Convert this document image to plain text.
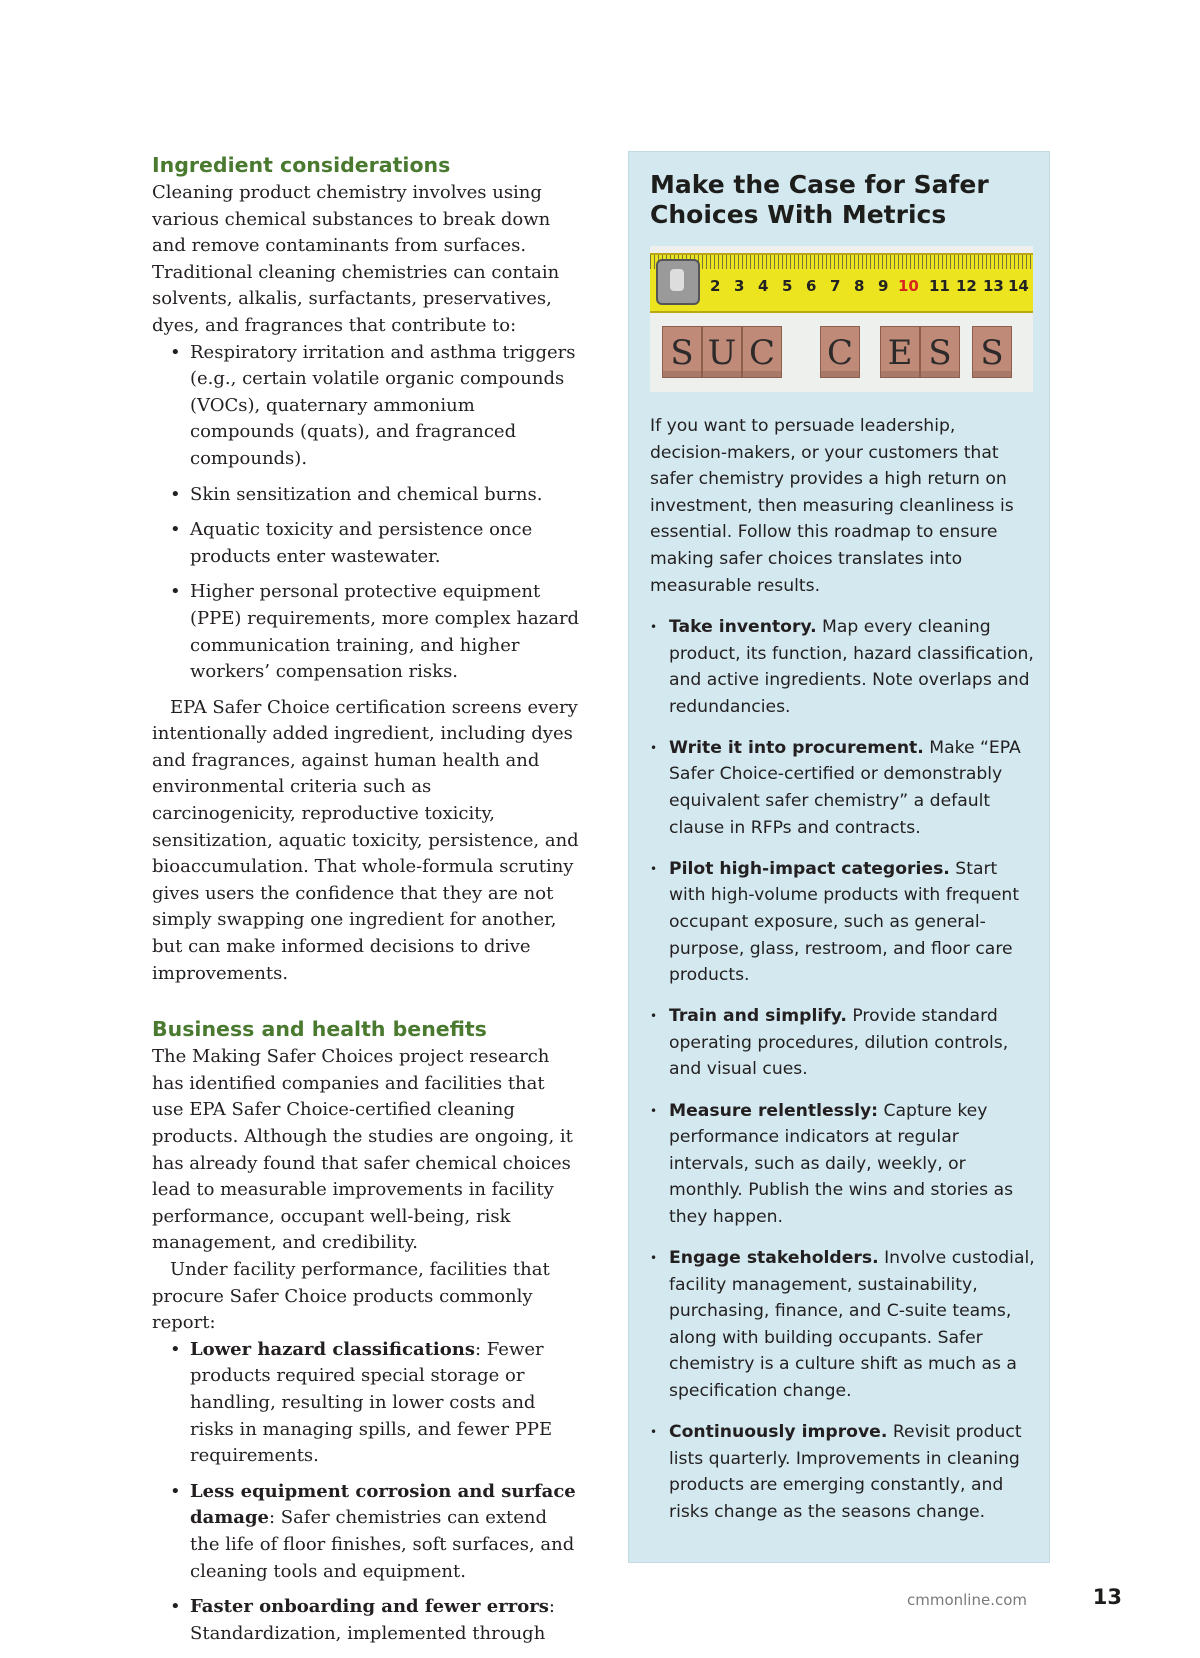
Ingredient considerations

Cleaning product chemistry involves using various chemical substances to break down and remove contaminants from surfaces. Traditional cleaning chemistries can contain solvents, alkalis, surfactants, preservatives, dyes, and fragrances that contribute to:

• Respiratory irritation and asthma triggers (e.g., certain volatile organic compounds (VOCs), quaternary ammonium compounds (quats), and fragranced compounds).
• Skin sensitization and chemical burns.
• Aquatic toxicity and persistence once products enter wastewater.
• Higher personal protective equipment (PPE) requirements, more complex hazard communication training, and higher workers’ compensation risks.

EPA Safer Choice certification screens every intentionally added ingredient, including dyes and fragrances, against human health and environmental criteria such as carcinogenicity, reproductive toxicity, sensitization, aquatic toxicity, persistence, and bioaccumulation. That whole-formula scrutiny gives users the confidence that they are not simply swapping one ingredient for another, but can make informed decisions to drive improvements.

Business and health benefits

The Making Safer Choices project research has identified companies and facilities that use EPA Safer Choice-certified cleaning products. Although the studies are ongoing, it has already found that safer chemical choices lead to measurable improvements in facility performance, occupant well-being, risk management, and credibility.

Under facility performance, facilities that procure Safer Choice products commonly report:

• Lower hazard classifications: Fewer products required special storage or handling, resulting in lower costs and risks in managing spills, and fewer PPE requirements.
• Less equipment corrosion and surface damage: Safer chemistries can extend the life of floor finishes, soft surfaces, and cleaning tools and equipment.
• Faster onboarding and fewer errors: Standardization, implemented through
Make the Case for Safer Choices With Metrics
2 3 4 5 6 7 8 9 10 11 12 13 14
S U C C E S S

If you want to persuade leadership, decision-makers, or your customers that safer chemistry provides a high return on investment, then measuring cleanliness is essential. Follow this roadmap to ensure making safer choices translates into measurable results.

• Take inventory. Map every cleaning product, its function, hazard classification, and active ingredients. Note overlaps and redundancies.
• Write it into procurement. Make “EPA Safer Choice-certified or demonstrably equivalent safer chemistry” a default clause in RFPs and contracts.
• Pilot high-impact categories. Start with high-volume products with frequent occupant exposure, such as general-purpose, glass, restroom, and floor care products.
• Train and simplify. Provide standard operating procedures, dilution controls, and visual cues.
• Measure relentlessly: Capture key performance indicators at regular intervals, such as daily, weekly, or monthly. Publish the wins and stories as they happen.
• Engage stakeholders. Involve custodial, facility management, sustainability, purchasing, finance, and C-suite teams, along with building occupants. Safer chemistry is a culture shift as much as a specification change.
• Continuously improve. Revisit product lists quarterly. Improvements in cleaning products are emerging constantly, and risks change as the seasons change.
cmmonline.com	13
